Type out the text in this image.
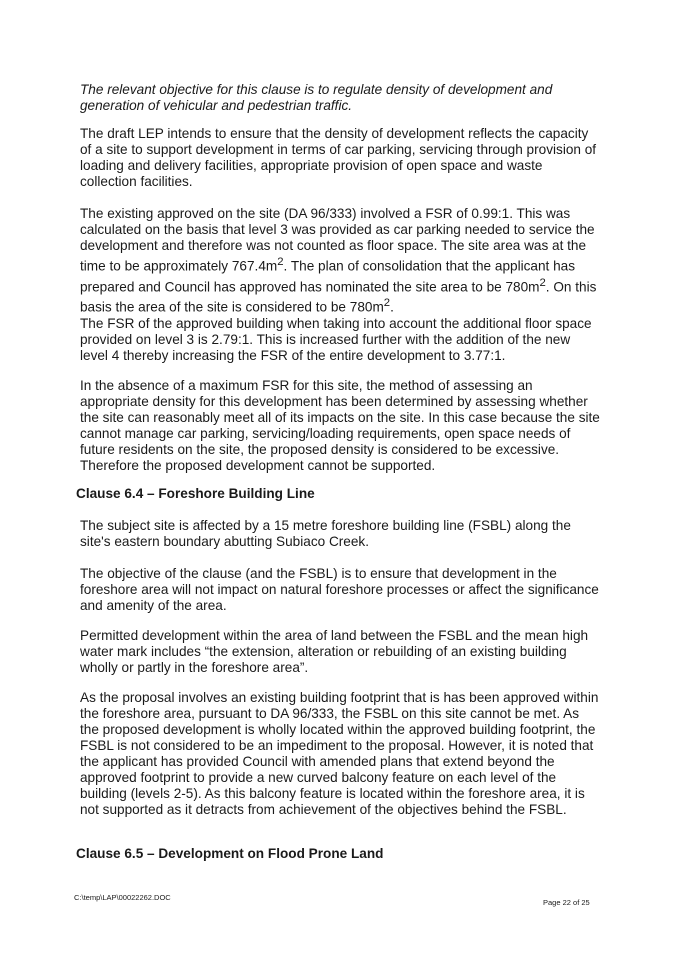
The relevant objective for this clause is to regulate density of development and generation of vehicular and pedestrian traffic.

The draft LEP intends to ensure that the density of development reflects the capacity of a site to support development in terms of car parking, servicing through provision of loading and delivery facilities, appropriate provision of open space and waste collection facilities.

The existing approved on the site (DA 96/333) involved a FSR of 0.99:1. This was calculated on the basis that level 3 was provided as car parking needed to service the development and therefore was not counted as floor space. The site area was at the time to be approximately $767.4m^2$. The plan of consolidation that the applicant has prepared and Council has approved has nominated the site area to be $780m^2$. On this basis the area of the site is considered to be $780m^2$.

The FSR of the approved building when taking into account the additional floor space provided on level 3 is 2.79:1. This is increased further with the addition of the new level 4 thereby increasing the FSR of the entire development to 3.77:1.

In the absence of a maximum FSR for this site, the method of assessing an appropriate density for this development has been determined by assessing whether the site can reasonably meet all of its impacts on the site. In this case because the site cannot manage car parking, servicing/loading requirements, open space needs of future residents on the site, the proposed density is considered to be excessive. Therefore the proposed development cannot be supported.

Clause 6.4 – Foreshore Building Line

The subject site is affected by a 15 metre foreshore building line (FSBL) along the site's eastern boundary abutting Subiaco Creek.

The objective of the clause (and the FSBL) is to ensure that development in the foreshore area will not impact on natural foreshore processes or affect the significance and amenity of the area.

Permitted development within the area of land between the FSBL and the mean high water mark includes “the extension, alteration or rebuilding of an existing building wholly or partly in the foreshore area”.

As the proposal involves an existing building footprint that is has been approved within the foreshore area, pursuant to DA 96/333, the FSBL on this site cannot be met. As the proposed development is wholly located within the approved building footprint, the FSBL is not considered to be an impediment to the proposal. However, it is noted that the applicant has provided Council with amended plans that extend beyond the approved footprint to provide a new curved balcony feature on each level of the building (levels 2-5). As this balcony feature is located within the foreshore area, it is not supported as it detracts from achievement of the objectives behind the FSBL.

Clause 6.5 – Development on Flood Prone Land
C:\temp\LAP\00022262.DOC
Page 22 of 25
